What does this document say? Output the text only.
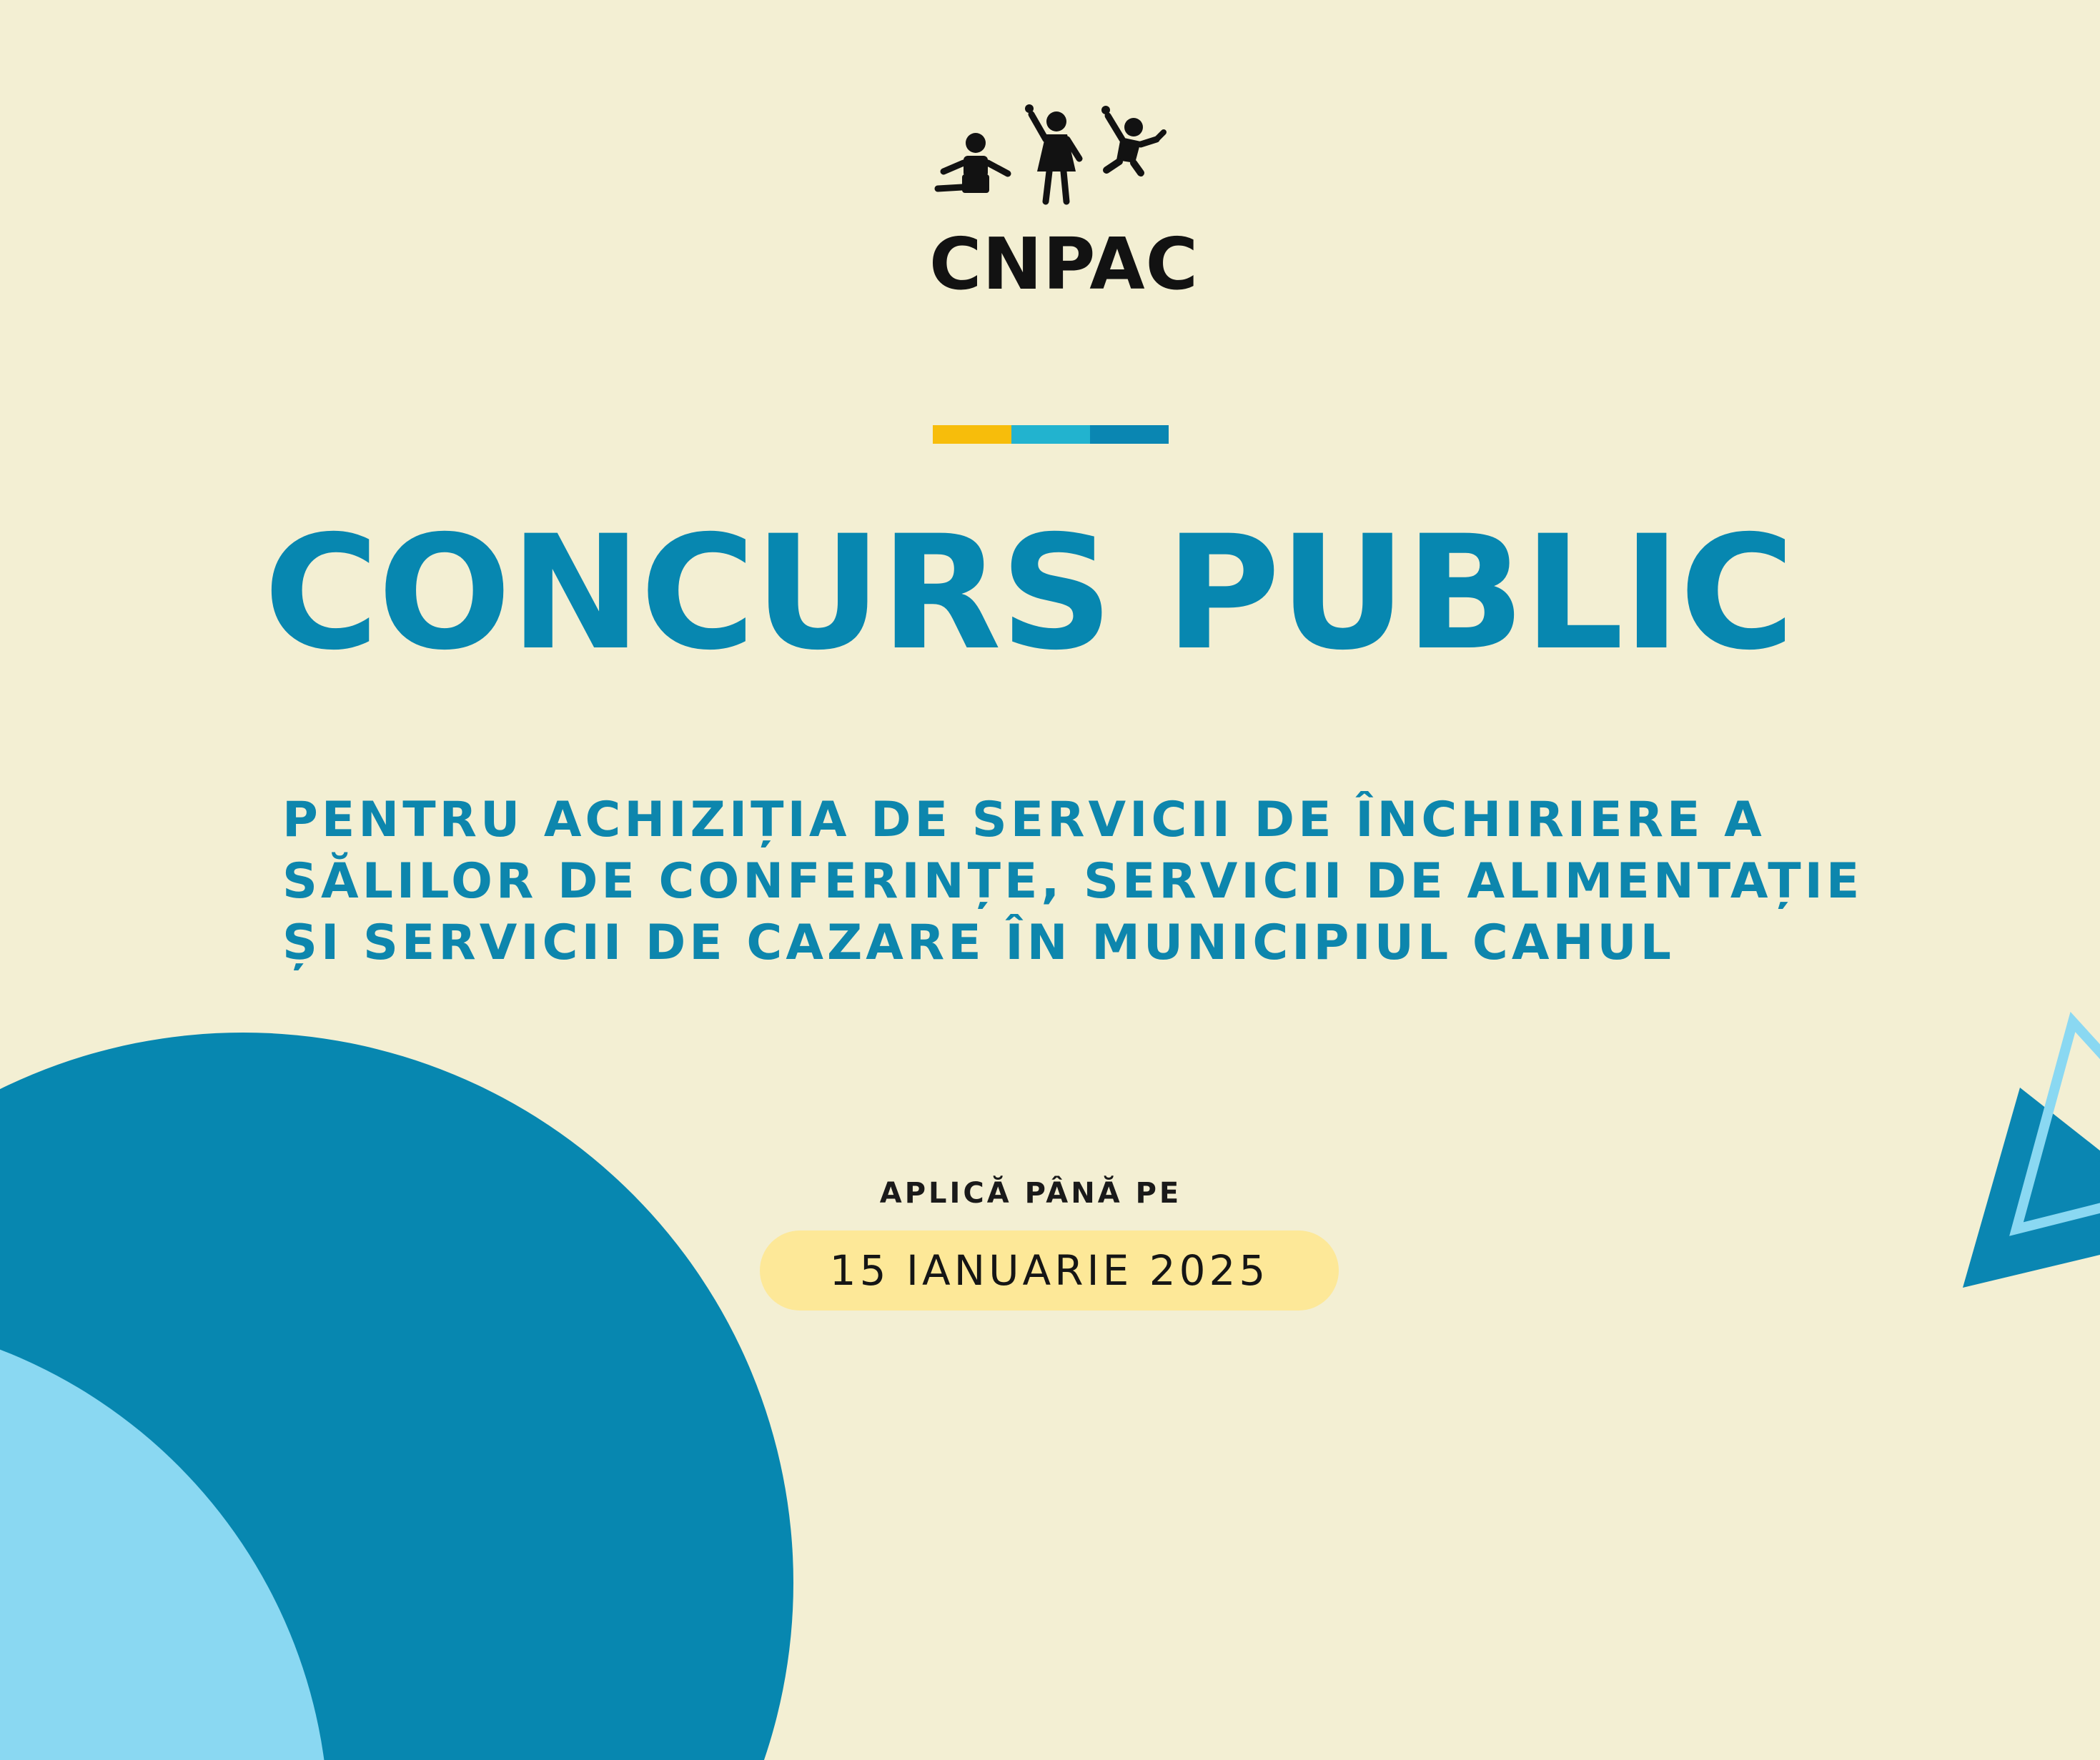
CNPAC
CONCURS PUBLIC
PENTRU ACHIZIȚIA DE SERVICII DE ÎNCHIRIERE A
SĂLILOR DE CONFERINȚE, SERVICII DE ALIMENTAȚIE
ȘI SERVICII DE CAZARE ÎN MUNICIPIUL CAHUL
APLICĂ PÂNĂ PE
15 IANUARIE 2025
